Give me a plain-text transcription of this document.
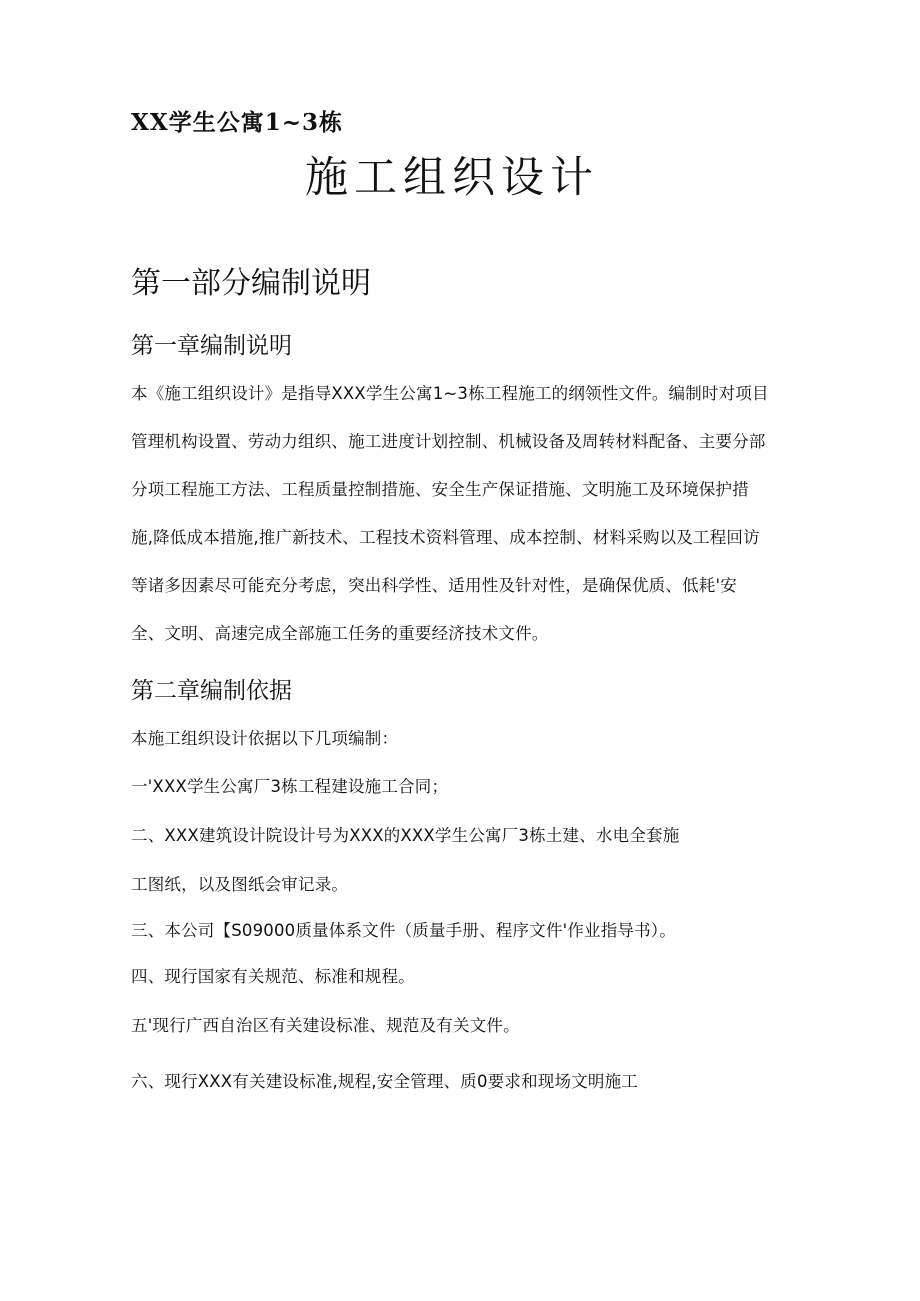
XX学生公寓1~3栋
施工组织设计
第一部分编制说明
第一章编制说明
本《施工组织设计》是指导XXX学生公寓1~3栋工程施工的纲领性文件。编制时对项目
管理机构设置、劳动力组织、施工进度计划控制、机械设备及周转材料配备、主要分部
分项工程施工方法、工程质量控制措施、安全生产保证措施、文明施工及环境保护措
施,降低成本措施,推广新技术、工程技术资料管理、成本控制、材料采购以及工程回访
等诸多因素尽可能充分考虑，突出科学性、适用性及针对性，是确保优质、低耗'安
全、文明、高速完成全部施工任务的重要经济技术文件。
第二章编制依据
本施工组织设计依据以下几项编制：
一'XXX学生公寓厂3栋工程建设施工合同；
二、XXX建筑设计院设计号为XXX的XXX学生公寓厂3栋土建、水电全套施
工图纸，以及图纸会审记录。
三、本公司【S09000质量体系文件（质量手册、程序文件'作业指导书）。
四、现行国家有关规范、标准和规程。
五'现行广西自治区有关建设标准、规范及有关文件。
六、现行XXX有关建设标准,规程,安全管理、质0要求和现场文明施工
